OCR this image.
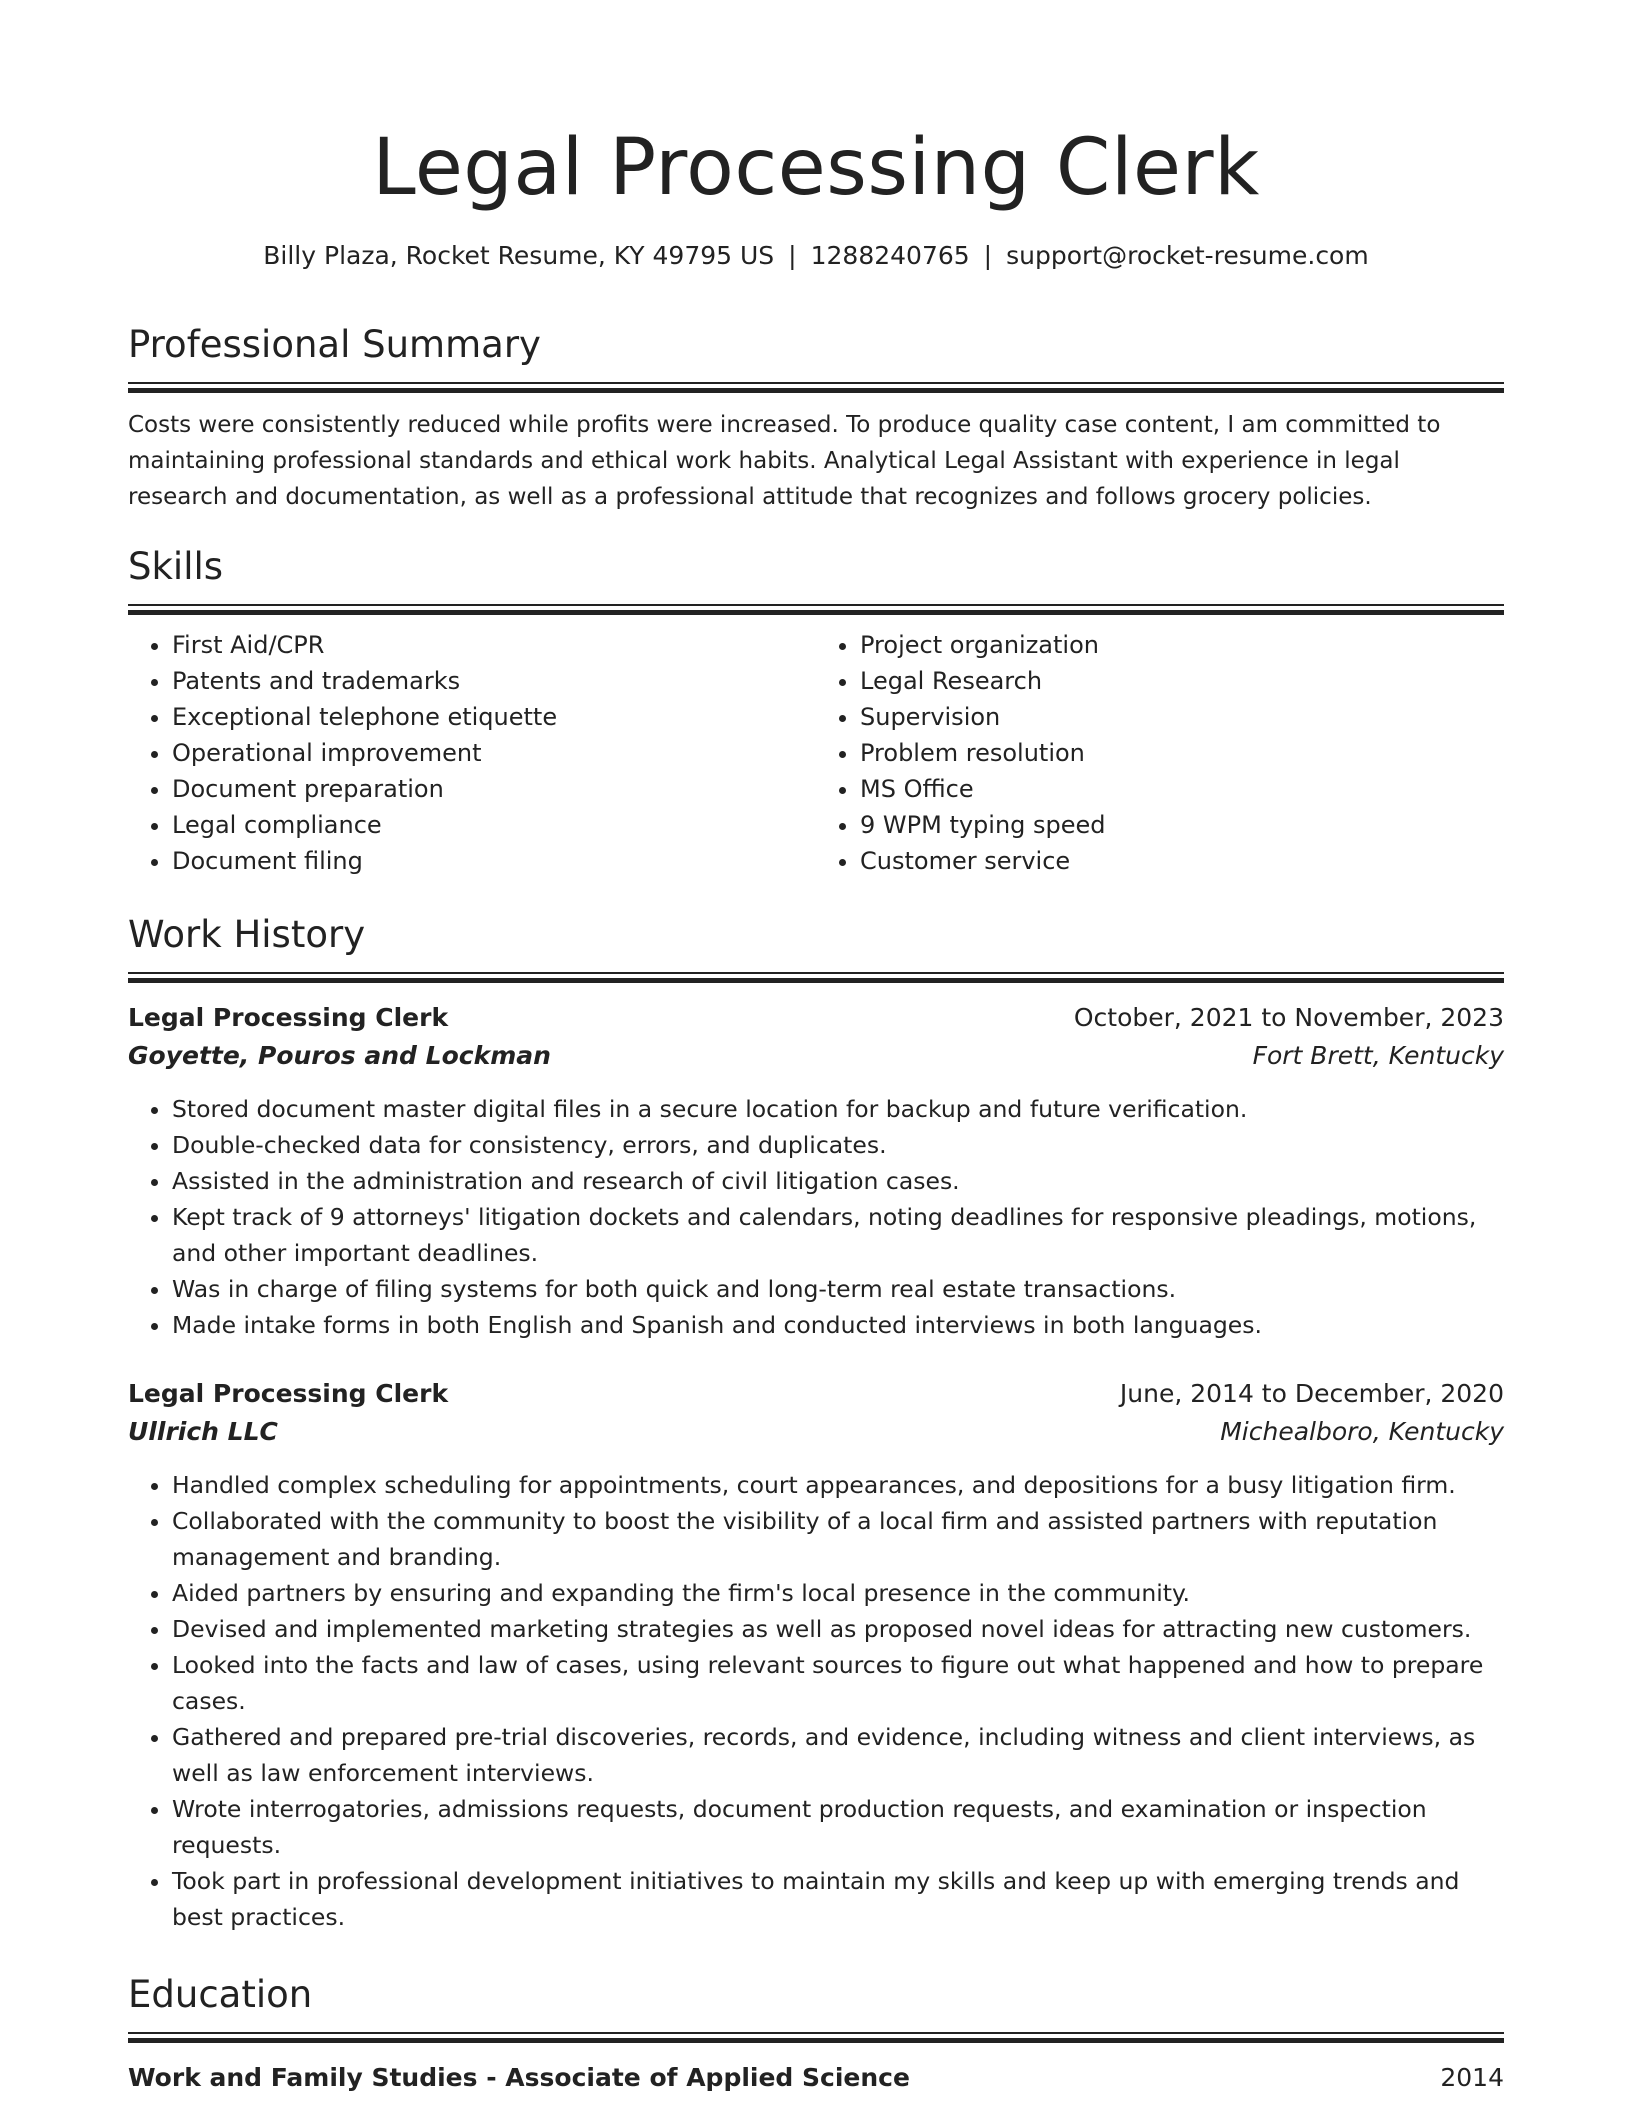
Legal Processing Clerk
Billy Plaza, Rocket Resume, KY 49795 US | 1288240765 | support@rocket-resume.com
Professional Summary

Costs were consistently reduced while profits were increased. To produce quality case content, I am committed to maintaining professional standards and ethical work habits. Analytical Legal Assistant with experience in legal research and documentation, as well as a professional attitude that recognizes and follows grocery policies.

Skills
• First Aid/CPR
• Patents and trademarks
• Exceptional telephone etiquette
• Operational improvement
• Document preparation
• Legal compliance
• Document filing
• Project organization
• Legal Research
• Supervision
• Problem resolution
• MS Office
• 9 WPM typing speed
• Customer service
Work History
Legal Processing Clerk	October, 2021 to November, 2023
Goyette, Pouros and Lockman	Fort Brett, Kentucky
• Stored document master digital files in a secure location for backup and future verification.
• Double-checked data for consistency, errors, and duplicates.
• Assisted in the administration and research of civil litigation cases.
• Kept track of 9 attorneys' litigation dockets and calendars, noting deadlines for responsive pleadings, motions, and other important deadlines.
• Was in charge of filing systems for both quick and long-term real estate transactions.
• Made intake forms in both English and Spanish and conducted interviews in both languages.
Legal Processing Clerk	June, 2014 to December, 2020
Ullrich LLC	Michealboro, Kentucky
• Handled complex scheduling for appointments, court appearances, and depositions for a busy litigation firm.
• Collaborated with the community to boost the visibility of a local firm and assisted partners with reputation management and branding.
• Aided partners by ensuring and expanding the firm's local presence in the community.
• Devised and implemented marketing strategies as well as proposed novel ideas for attracting new customers.
• Looked into the facts and law of cases, using relevant sources to figure out what happened and how to prepare cases.
• Gathered and prepared pre-trial discoveries, records, and evidence, including witness and client interviews, as well as law enforcement interviews.
• Wrote interrogatories, admissions requests, document production requests, and examination or inspection requests.
• Took part in professional development initiatives to maintain my skills and keep up with emerging trends and best practices.
Education
Work and Family Studies - Associate of Applied Science	2014
